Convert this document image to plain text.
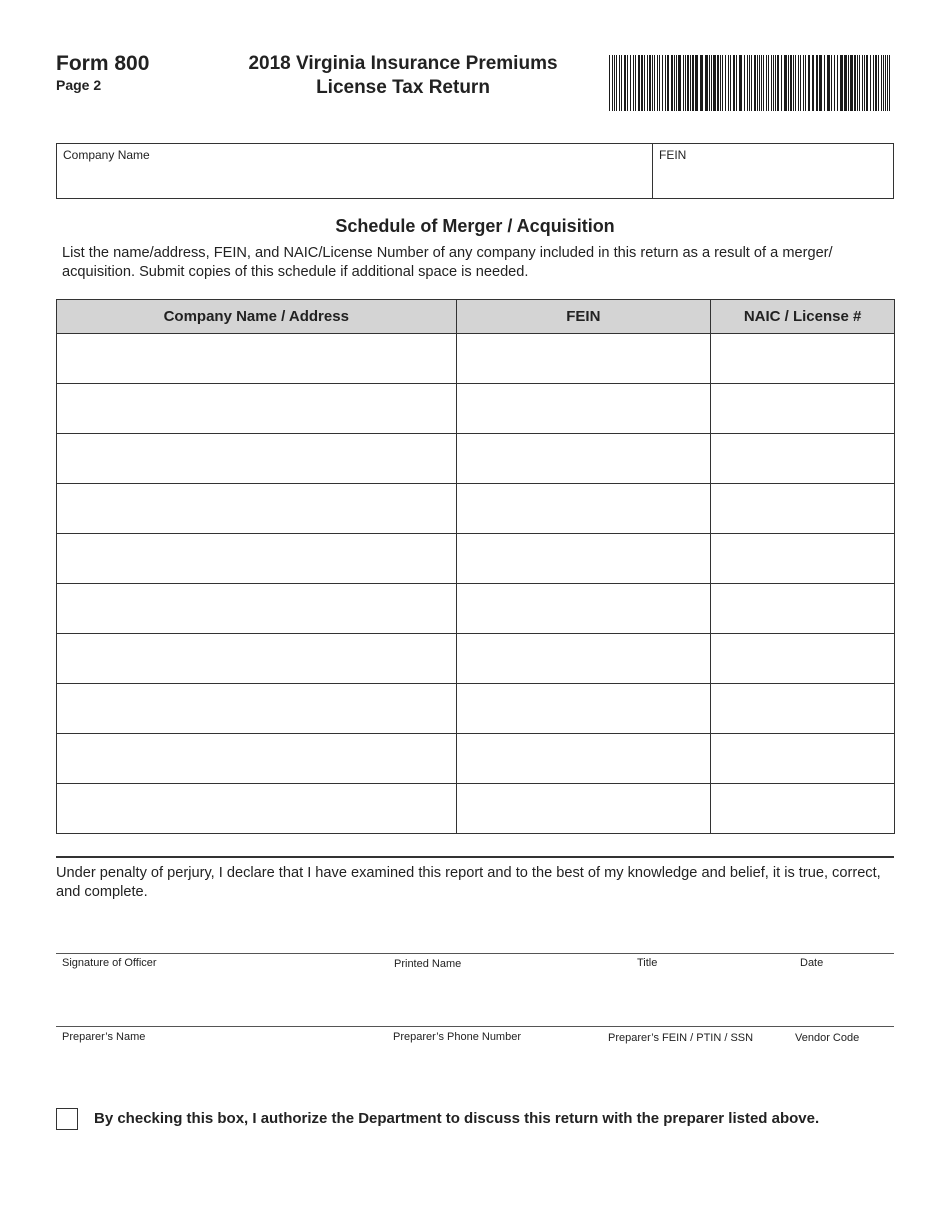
Form 800
Page 2
2018 Virginia Insurance Premiums
License Tax Return
Company Name	FEIN
Schedule of Merger / Acquisition
List the name/address, FEIN, and NAIC/License Number of any company included in this return as a result of a merger/ acquisition. Submit copies of this schedule if additional space is needed.
Company Name / Address	FEIN	NAIC / License #

Under penalty of perjury, I declare that I have examined this report and to the best of my knowledge and belief, it is true, correct, and complete.
Signature of Officer	Printed Name	Title	Date
Preparer’s Name	Preparer’s Phone Number	Preparer’s FEIN / PTIN / SSN	Vendor Code
By checking this box, I authorize the Department to discuss this return with the preparer listed above.
